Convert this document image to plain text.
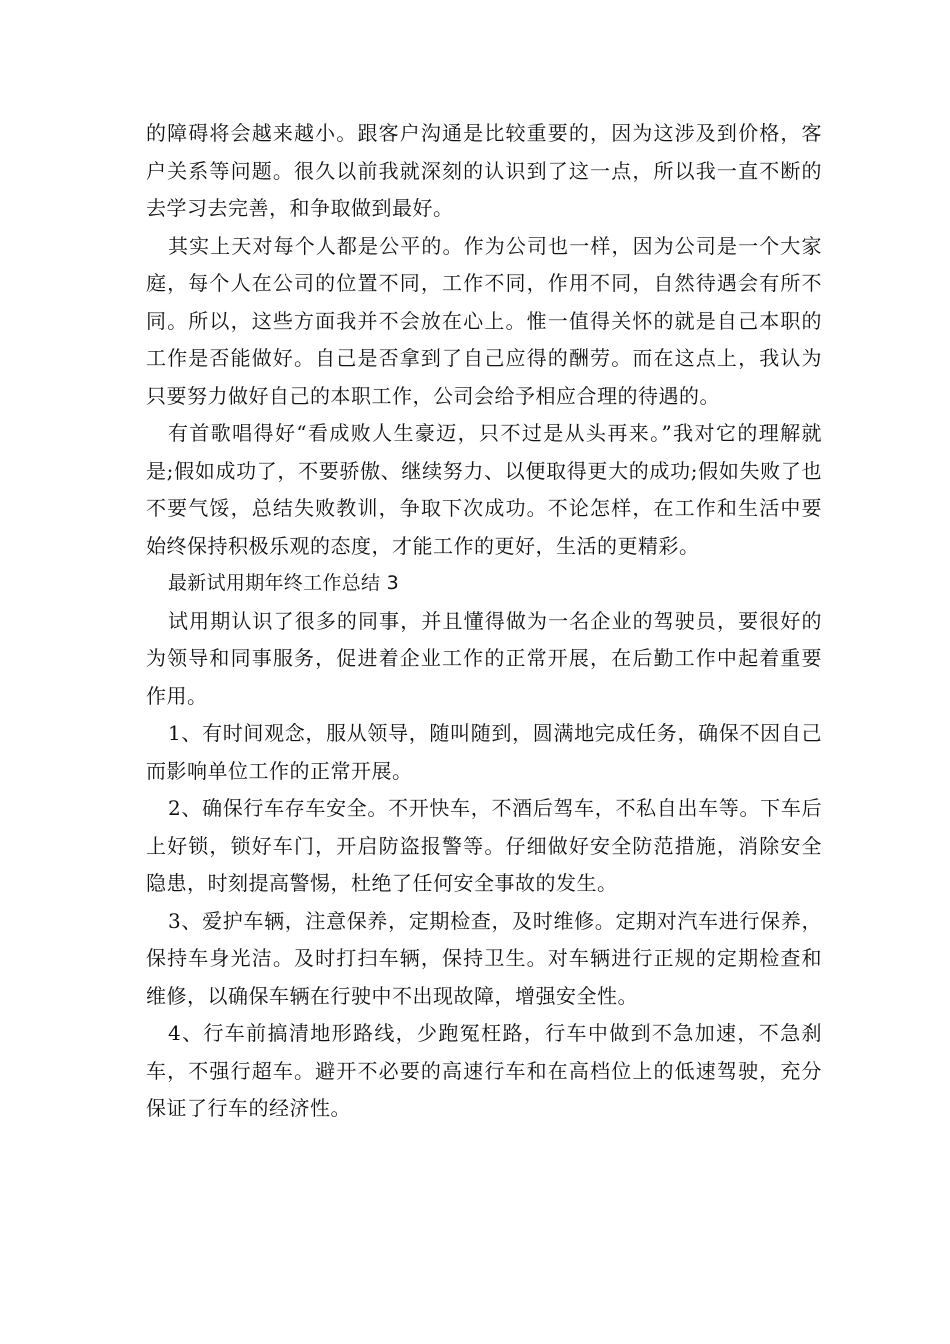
的障碍将会越来越小。跟客户沟通是比较重要的，因为这涉及到价格，客户关系等问题。很久以前我就深刻的认识到了这一点，所以我一直不断的去学习去完善，和争取做到最好。

其实上天对每个人都是公平的。作为公司也一样，因为公司是一个大家庭，每个人在公司的位置不同，工作不同，作用不同，自然待遇会有所不同。所以，这些方面我并不会放在心上。惟一值得关怀的就是自己本职的工作是否能做好。自己是否拿到了自己应得的酬劳。而在这点上，我认为只要努力做好自己的本职工作，公司会给予相应合理的待遇的。

有首歌唱得好“看成败人生豪迈，只不过是从头再来。”我对它的理解就是;假如成功了，不要骄傲、继续努力、以便取得更大的成功;假如失败了也不要气馁，总结失败教训，争取下次成功。不论怎样，在工作和生活中要始终保持积极乐观的态度，才能工作的更好，生活的更精彩。

最新试用期年终工作总结 3

试用期认识了很多的同事，并且懂得做为一名企业的驾驶员，要很好的为领导和同事服务，促进着企业工作的正常开展，在后勤工作中起着重要作用。

1、有时间观念，服从领导，随叫随到，圆满地完成任务，确保不因自己而影响单位工作的正常开展。

2、确保行车存车安全。不开快车，不酒后驾车，不私自出车等。下车后上好锁，锁好车门，开启防盗报警等。仔细做好安全防范措施，消除安全隐患，时刻提高警惕，杜绝了任何安全事故的发生。

3、爱护车辆，注意保养，定期检查，及时维修。定期对汽车进行保养，保持车身光洁。及时打扫车辆，保持卫生。对车辆进行正规的定期检查和维修，以确保车辆在行驶中不出现故障，增强安全性。

4、行车前搞清地形路线，少跑冤枉路，行车中做到不急加速，不急刹车，不强行超车。避开不必要的高速行车和在高档位上的低速驾驶，充分保证了行车的经济性。
